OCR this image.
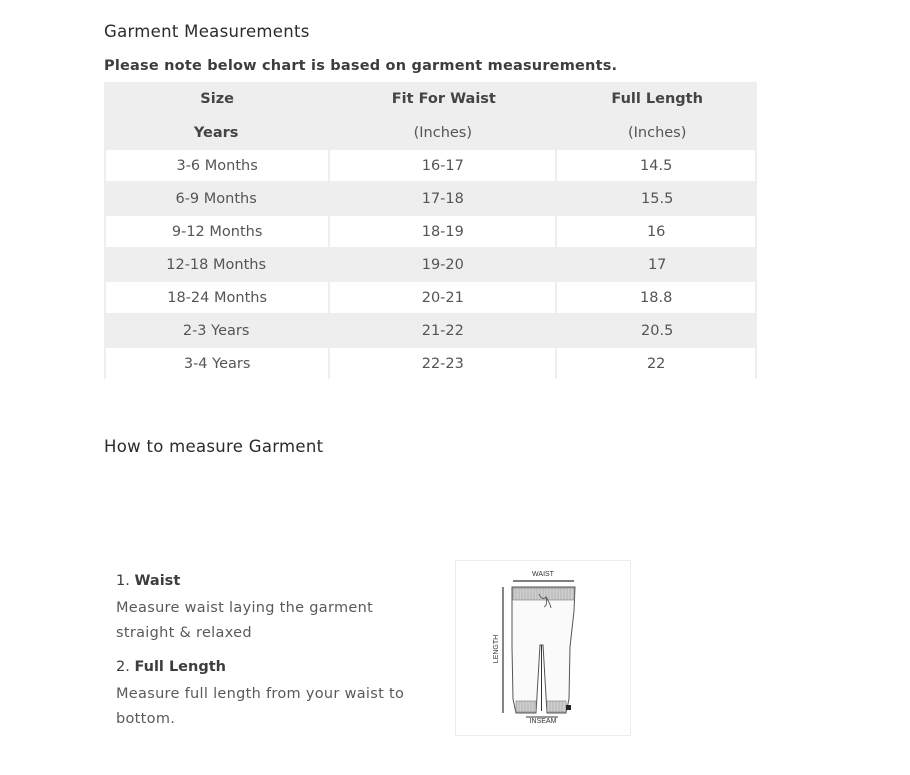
Garment Measurements

Please note below chart is based on garment measurements.

Size	Fit For Waist	Full Length
Years	(Inches)	(Inches)
3-6 Months	16-17	14.5
6-9 Months	17-18	15.5
9-12 Months	18-19	16
12-18 Months	19-20	17
18-24 Months	20-21	18.8
2-3 Years	21-22	20.5
3-4 Years	22-23	22
How to measure Garment

1. Waist

Measure waist laying the garment straight & relaxed

2. Full Length

Measure full length from your waist to bottom.

WAIST
LENGTH
INSEAM
